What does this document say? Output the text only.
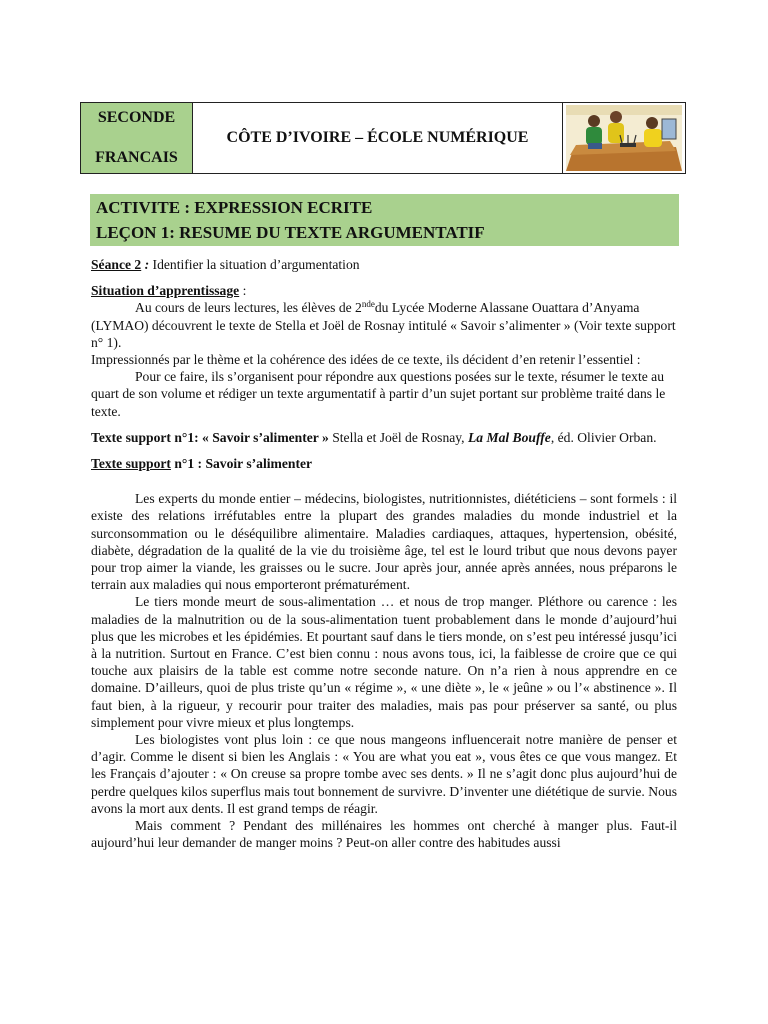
SECONDE
FRANCAIS
CÔTE D’IVOIRE – ÉCOLE NUMÉRIQUE
ACTIVITE : EXPRESSION ECRITE
LEÇON 1: RESUME DU TEXTE ARGUMENTATIF

Séance 2 : Identifier la situation d’argumentation

Situation d’apprentissage :

Au cours de leurs lectures, les élèves de 2ndedu Lycée Moderne Alassane Ouattara d’Anyama (LYMAO) découvrent le texte de Stella et Joël de Rosnay intitulé « Savoir s’alimenter » (Voir texte support n° 1).

Impressionnés par le thème et la cohérence des idées de ce texte, ils décident d’en retenir l’essentiel :

Pour ce faire, ils s’organisent pour répondre aux questions posées sur le texte, résumer le texte au quart de son volume et rédiger un texte argumentatif à partir d’un sujet portant sur problème traité dans le texte.

Texte support n°1: « Savoir s’alimenter » Stella et Joël de Rosnay, La Mal Bouffe, éd. Olivier Orban.

Texte support n°1 : Savoir s’alimenter

Les experts du monde entier – médecins, biologistes, nutritionnistes, diététiciens – sont formels : il existe des relations irréfutables entre la plupart des grandes maladies du monde industriel et la surconsommation ou le déséquilibre alimentaire. Maladies cardiaques, attaques, hypertension, obésité, diabète, dégradation de la qualité de la vie du troisième âge, tel est le lourd tribut que nous devons payer pour trop aimer la viande, les graisses ou le sucre. Jour après jour, année après années, nous préparons le terrain aux maladies qui nous emporteront prématurément.

Le tiers monde meurt de sous-alimentation … et nous de trop manger. Pléthore ou carence : les maladies de la malnutrition ou de la sous-alimentation tuent probablement dans le monde d’aujourd’hui plus que les microbes et les épidémies. Et pourtant sauf dans le tiers monde, on s’est peu intéressé jusqu’ici à la nutrition. Surtout en France. C’est bien connu : nous avons tous, ici, la faiblesse de croire que ce qui touche aux plaisirs de la table est comme notre seconde nature. On n’a rien à nous apprendre en ce domaine. D’ailleurs, quoi de plus triste qu’un « régime », « une diète », le « jeûne » ou l’« abstinence ». Il faut bien, à la rigueur, y recourir pour traiter des maladies, mais pas pour préserver sa santé, ou plus simplement pour vivre mieux et plus longtemps.

Les biologistes vont plus loin : ce que nous mangeons influencerait notre manière de penser et d’agir. Comme le disent si bien les Anglais : « You are what you eat », vous êtes ce que vous mangez. Et les Français d’ajouter : « On creuse sa propre tombe avec ses dents. » Il ne s’agit donc plus aujourd’hui de perdre quelques kilos superflus mais tout bonnement de survivre. D’inventer une diététique de survie. Nous avons la mort aux dents. Il est grand temps de réagir.

Mais comment ? Pendant des millénaires les hommes ont cherché à manger plus. Faut-il aujourd’hui leur demander de manger moins ? Peut-on aller contre des habitudes aussi
